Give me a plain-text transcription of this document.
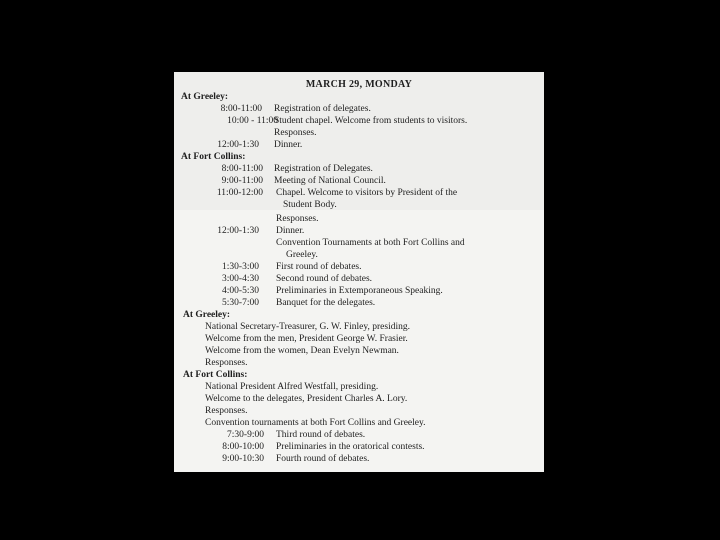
MARCH 29, MONDAY
At Greeley:
8:00-11:00 Registration of delegates.
10:00 - 11:00
Student chapel. Welcome from students to visitors.
Responses.
12:00-1:30 Dinner.
At Fort Collins:
8:00-11:00 Registration of Delegates.
9:00-11:00 Meeting of National Council.
11:00-12:00 Chapel. Welcome to visitors by President of the
Student Body.
Responses.
12:00-1:30 Dinner.
Convention Tournaments at both Fort Collins and
Greeley.
1:30-3:00 First round of debates.
3:00-4:30 Second round of debates.
4:00-5:30 Preliminaries in Extemporaneous Speaking.
5:30-7:00 Banquet for the delegates.
At Greeley:
National Secretary-Treasurer, G. W. Finley, presiding.
Welcome from the men, President George W. Frasier.
Welcome from the women, Dean Evelyn Newman.
Responses.
At Fort Collins:
National President Alfred Westfall, presiding.
Welcome to the delegates, President Charles A. Lory.
Responses.
Convention tournaments at both Fort Collins and Greeley.
7:30-9:00 Third round of debates.
8:00-10:00 Preliminaries in the oratorical contests.
9:00-10:30 Fourth round of debates.
